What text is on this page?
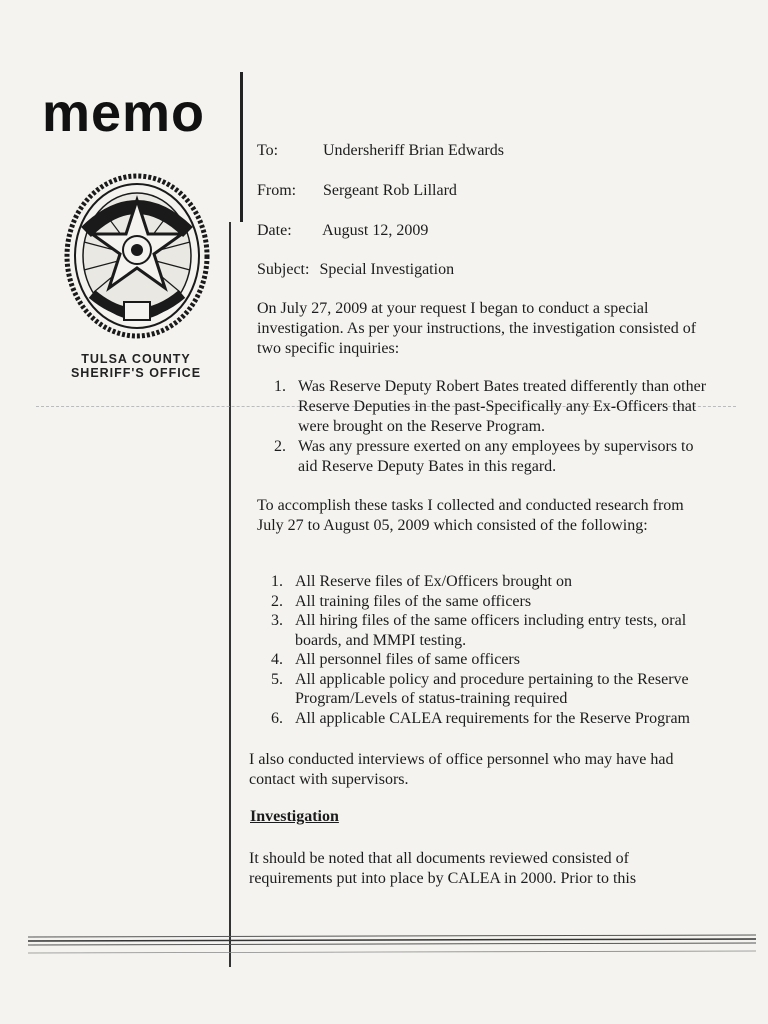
memo
TULSA COUNTY
SHERIFF'S OFFICE
To:	Undersheriff Brian Edwards
From: Sergeant Rob Lillard
Date: August 12, 2009
Subject: Special Investigation

On July 27, 2009 at your request I began to conduct a special investigation. As per your instructions, the investigation consisted of two specific inquiries:

1. Was Reserve Deputy Robert Bates treated differently than other Reserve Deputies in the past-Specifically any Ex-Officers that were brought on the Reserve Program.
2. Was any pressure exerted on any employees by supervisors to aid Reserve Deputy Bates in this regard.

To accomplish these tasks I collected and conducted research from July 27 to August 05, 2009 which consisted of the following:

1. All Reserve files of Ex/Officers brought on
2. All training files of the same officers
3. All hiring files of the same officers including entry tests, oral boards, and MMPI testing.
4. All personnel files of same officers
5. All applicable policy and procedure pertaining to the Reserve Program/Levels of status-training required
6. All applicable CALEA requirements for the Reserve Program

I also conducted interviews of office personnel who may have had contact with supervisors.

Investigation

It should be noted that all documents reviewed consisted of requirements put into place by CALEA in 2000. Prior to this
